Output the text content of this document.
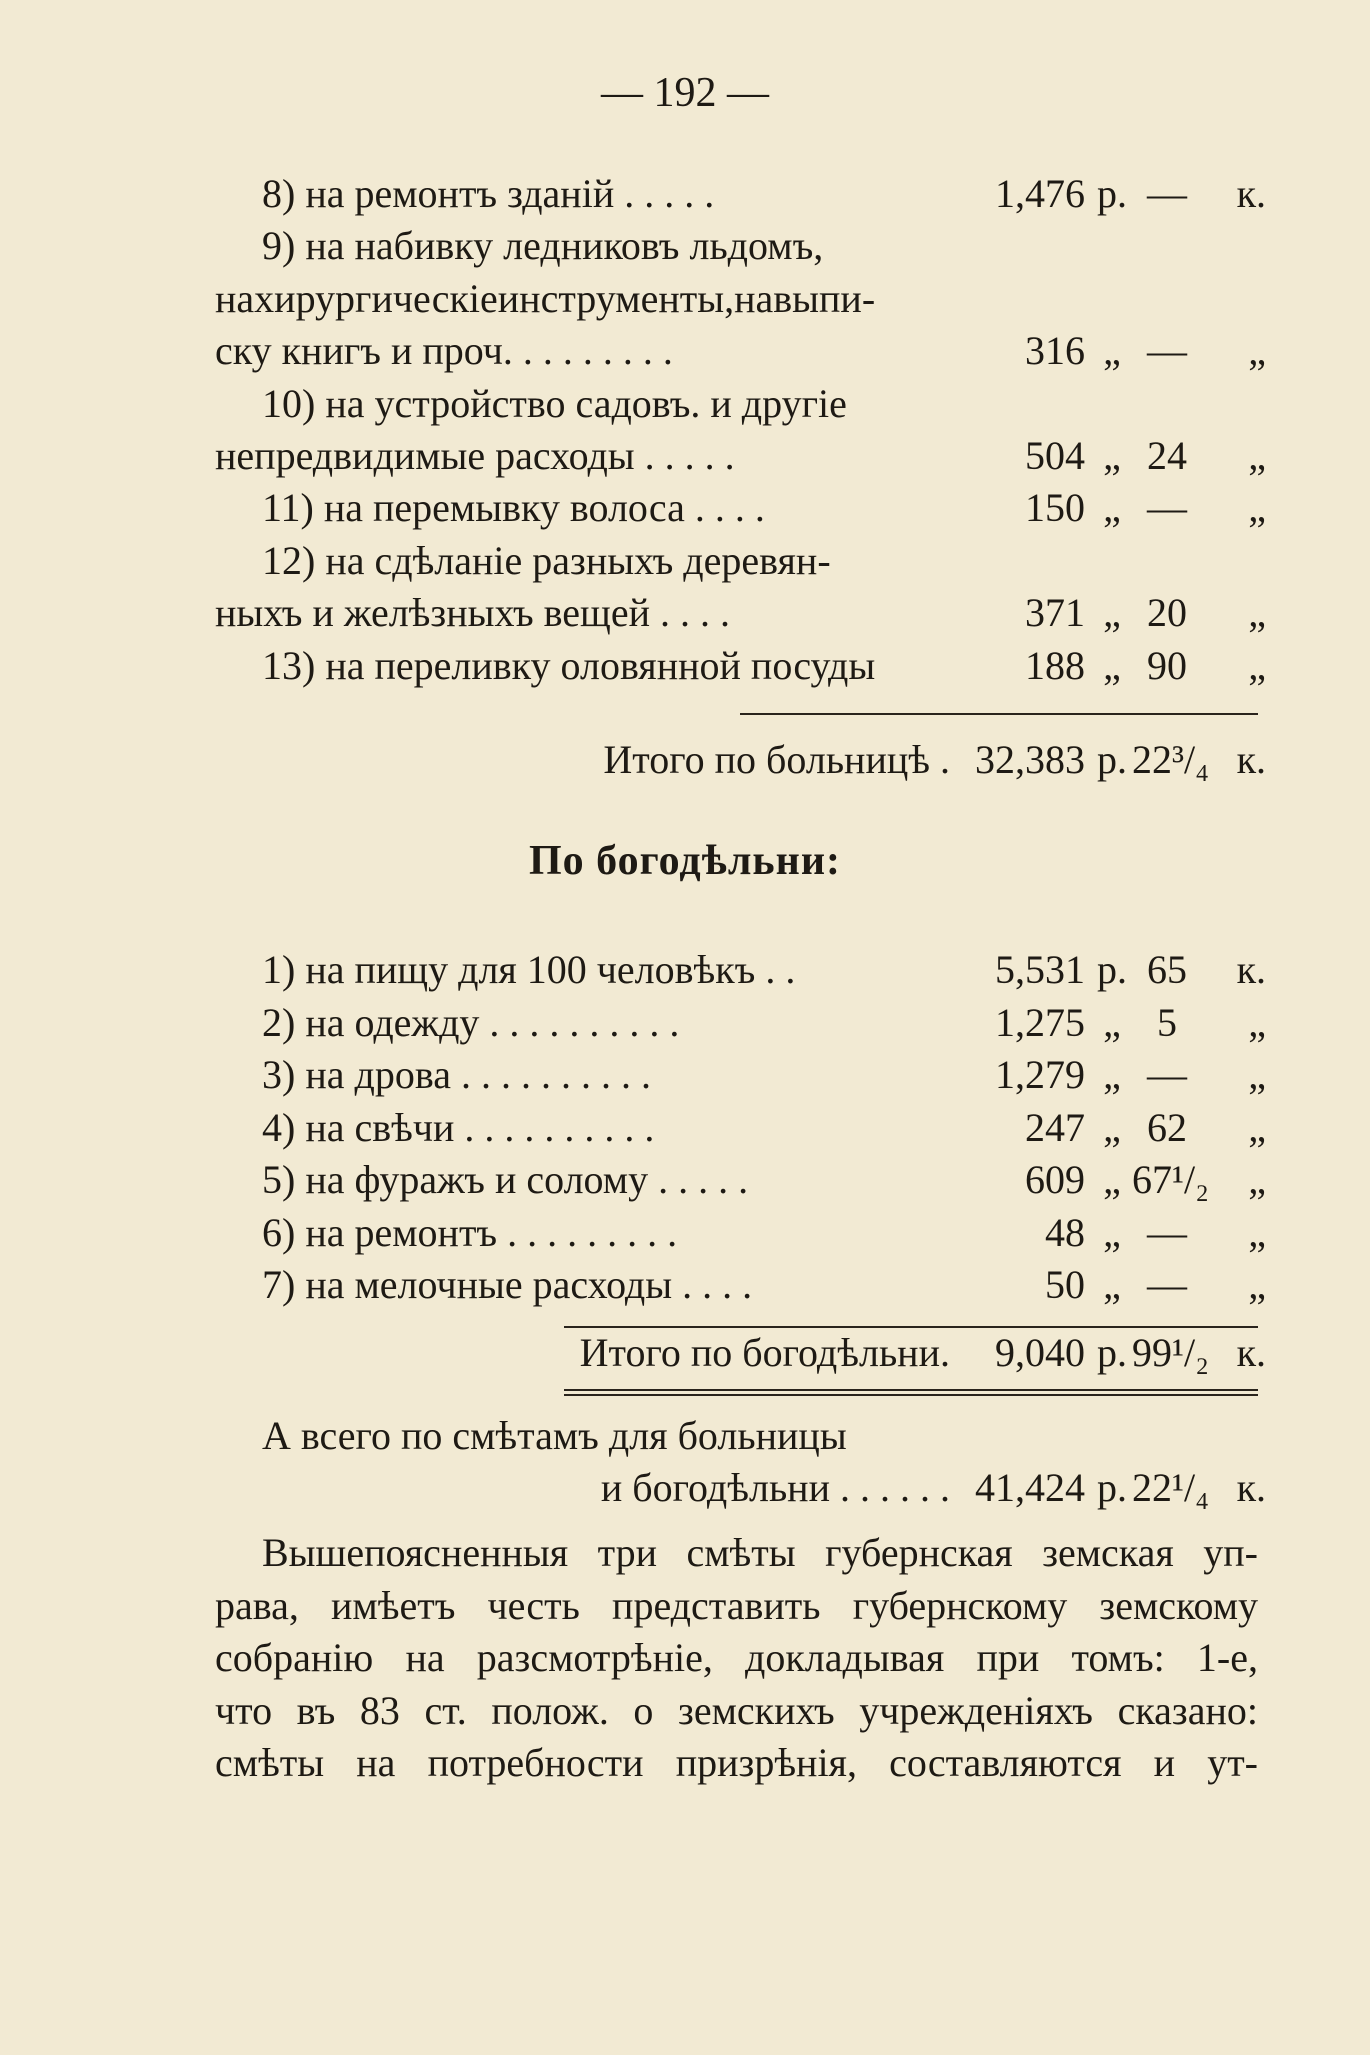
— 192 —
8) на ремонтъ зданій . . . . .	1,476 р. —	к.
9) на набивку ледниковъ льдомъ,
нахирургическіеинструменты,навыпи-
ску книгъ и проч. . . . . . . . .	316 „ —	„
10) на устройство садовъ. и другіе
непредвидимые расходы . . . . .	504 „ 24	„
11) на перемывку волоса . . . .	150 „ —	„
12) на сдѣланіе разныхъ деревян-
ныхъ и желѣзныхъ вещей . . . .	371 „ 20	„
13) на переливку оловянной посуды	188 „ 90	„
Итого по больницѣ . 32,383 р. 22³/₄ к.
По богодѣльни:
1) на пищу для 100 человѣкъ . .	5,531 р. 65	к.
2) на одежду . . . . . . . . . .	1,275 „ 5	„
3) на дрова . . . . . . . . . .	1,279 „ —	„
4) на свѣчи . . . . . . . . . .	247 „ 62	„
5) на фуражъ и солому . . . . .	609 „ 67¹/₂ „
6) на ремонтъ . . . . . . . . .	48 „ —	„
7) на мелочные расходы . . . .	50 „ —	„
Итого по богодѣльни.	9,040 р. 99¹/₂ к.
А всего по смѣтамъ для больницы
и богодѣльни . . . . . . 41,424 р. 22¹/₄ к.
Вышепоясненныя три смѣты губернская земская уп-
рава, имѣетъ честь представить губернскому земскому
собранію на разсмотрѣніе, докладывая при томъ: 1-е,
что въ 83 ст. полож. о земскихъ учрежденіяхъ сказано:
смѣты на потребности призрѣнія, составляются и ут-
